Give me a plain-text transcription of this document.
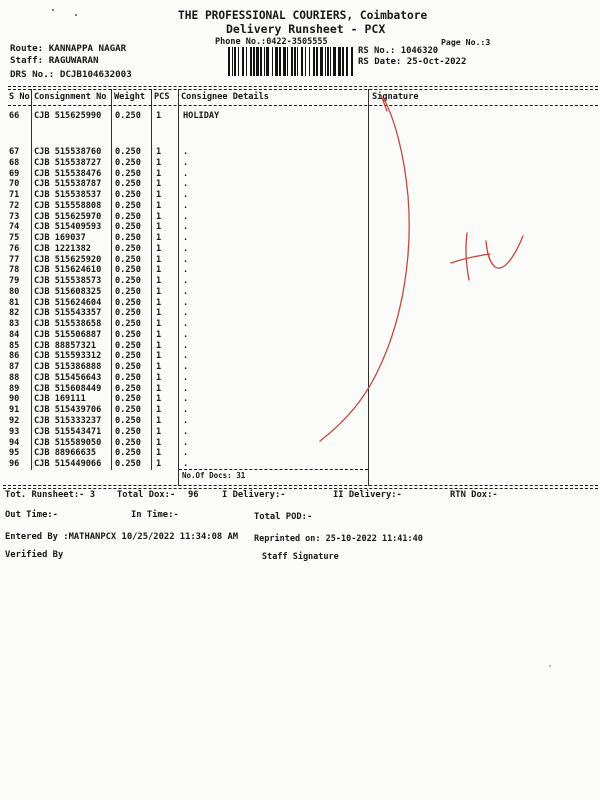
THE PROFESSIONAL COURIERS, Coimbatore
Delivery Runsheet - PCX
Phone No.:0422-3505555	Page No.:3
Route: KANNAPPA NAGAR
Staff: RAGUWARAN
DRS No.: DCJB104632003
RS No.: 1046320
RS Date: 25-Oct-2022
S No Consignment No Weight PCS Consignee Details	Signature
66 CJB 515625990 0.250 1	HOLIDAY
67 CJB 515538760 0.250 1	.
68 CJB 515538727 0.250 1	.
69 CJB 515538476 0.250 1	.
70 CJB 515538787 0.250 1	.
71 CJB 515538537 0.250 1	.
72 CJB 515558808 0.250 1	.
73 CJB 515625970 0.250 1	.
74 CJB 515409593 0.250 1	.
75 CJB 169037	0.250 1	.
76 CJB 1221382	0.250 1	.
77 CJB 515625920 0.250 1	.
78 CJB 515624610 0.250 1	.
79 CJB 515538573 0.250 1	.
80 CJB 515608325 0.250 1	.
81 CJB 515624604 0.250 1	.
82 CJB 515543357 0.250 1	.
83 CJB 515538658 0.250 1	.
84 CJB 515506887 0.250 1	.
85 CJB 88857321 0.250 1	.
86 CJB 515593312 0.250 1	.
87 CJB 515386888 0.250 1	.
88 CJB 515456643 0.250 1	.
89 CJB 515608449 0.250 1	.
90 CJB 169111	0.250 1	.
91 CJB 515439706 0.250 1	.
92 CJB 515333237 0.250 1	.
93 CJB 515543471 0.250 1	.
94 CJB 515589050 0.250 1	.
95 CJB 88966635 0.250 1	.
96 CJB 515449066 0.250 1	.
No.Of Docs: 31
Tot. Runsheet:- 3 Total Dox:- 96	I Delivery:-	II Delivery:-	RTN Dox:-
Out Time:-	In Time:-	Total POD:-
Entered By :MATHANPCX 10/25/2022 11:34:08 AM Reprinted on: 25-10-2022 11:41:40
Verified By	Staff Signature
